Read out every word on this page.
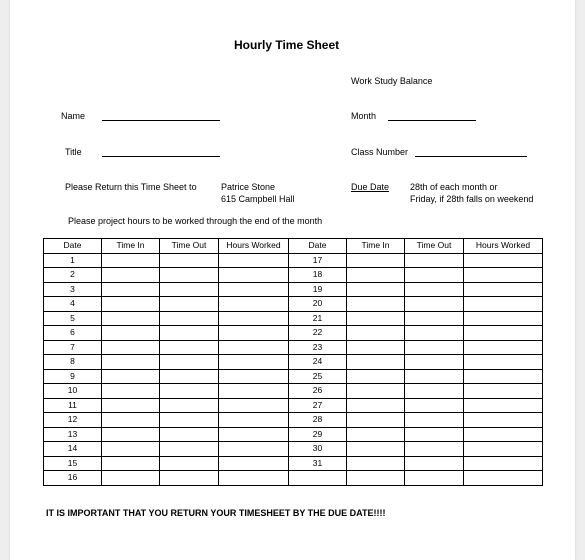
Hourly Time Sheet
Work Study Balance
Name	Month
Title	Class Number
Please Return this Time Sheet to	Patrice Stone
615 Campbell Hall
Due Date 28th of each month or
Friday, if 28th falls on weekend
Please project hours to be worked through the end of the month
Date	Time In	Time Out	Hours Worked	Date	Time In	Time Out	Hours Worked
1				17			
2				18			
3				19			
4				20			
5				21			
6				22			
7				23			
8				24			
9				25			
10				26			
11				27			
12				28			
13				29			
14				30			
15				31			
16							
IT IS IMPORTANT THAT YOU RETURN YOUR TIMESHEET BY THE DUE DATE!!!!
